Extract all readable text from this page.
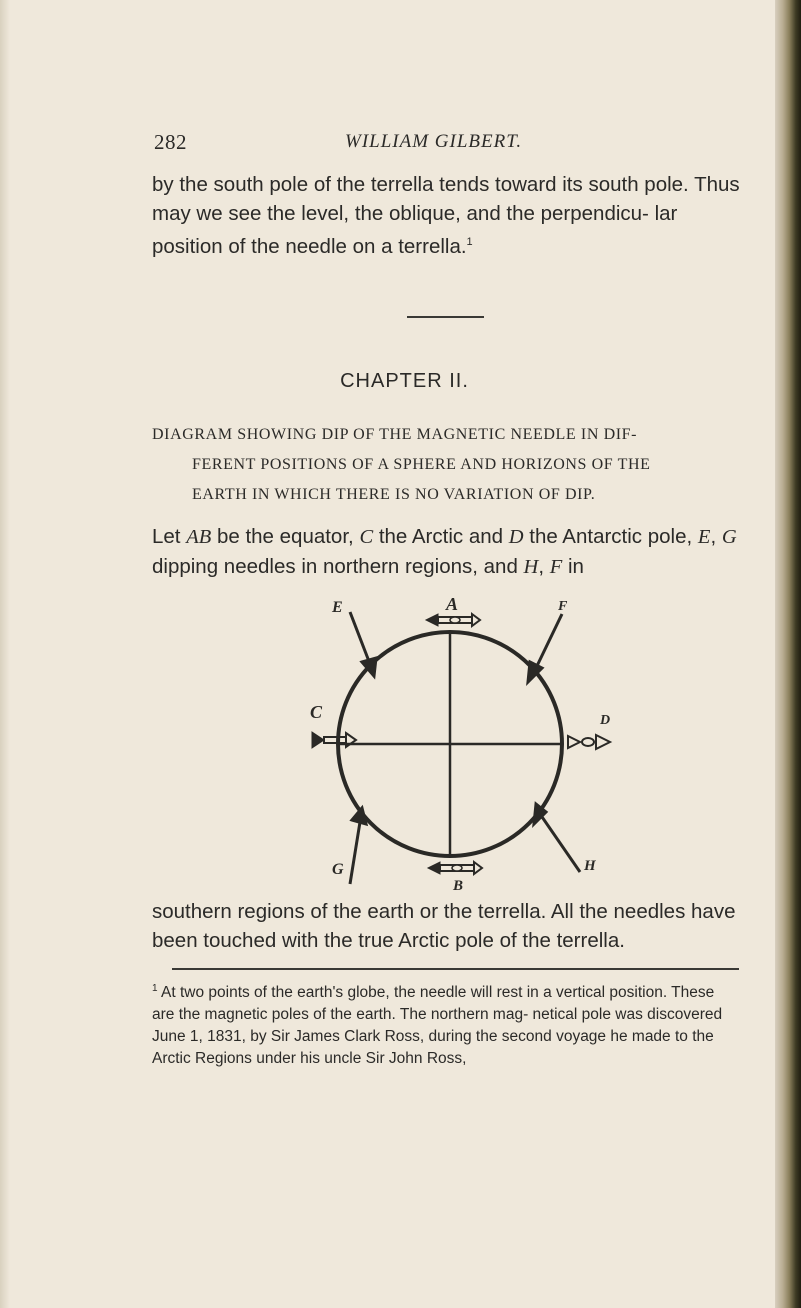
282	WILLIAM GILBERT.
by the south pole of the terrella tends toward its south pole. Thus may we see the level, the oblique, and the perpendicu- lar position of the needle on a terrella.$^1$
CHAPTER II.
DIAGRAM SHOWING DIP OF THE MAGNETIC NEEDLE IN DIF-
FERENT POSITIONS OF A SPHERE AND HORIZONS OF THE
EARTH IN WHICH THERE IS NO VARIATION OF DIP.
Let AB be the equator, C the Arctic and D the Antarctic pole, E, G dipping needles in northern regions, and H, F in
A
B
C	D
E	F
G	H
southern regions of the earth or the terrella. All the needles have been touched with the true Arctic pole of the terrella.
$^1$ At two points of the earth's globe, the needle will rest in a vertical position. These are the magnetic poles of the earth. The northern mag- netical pole was discovered June 1, 1831, by Sir James Clark Ross, during the second voyage he made to the Arctic Regions under his uncle Sir John Ross,
